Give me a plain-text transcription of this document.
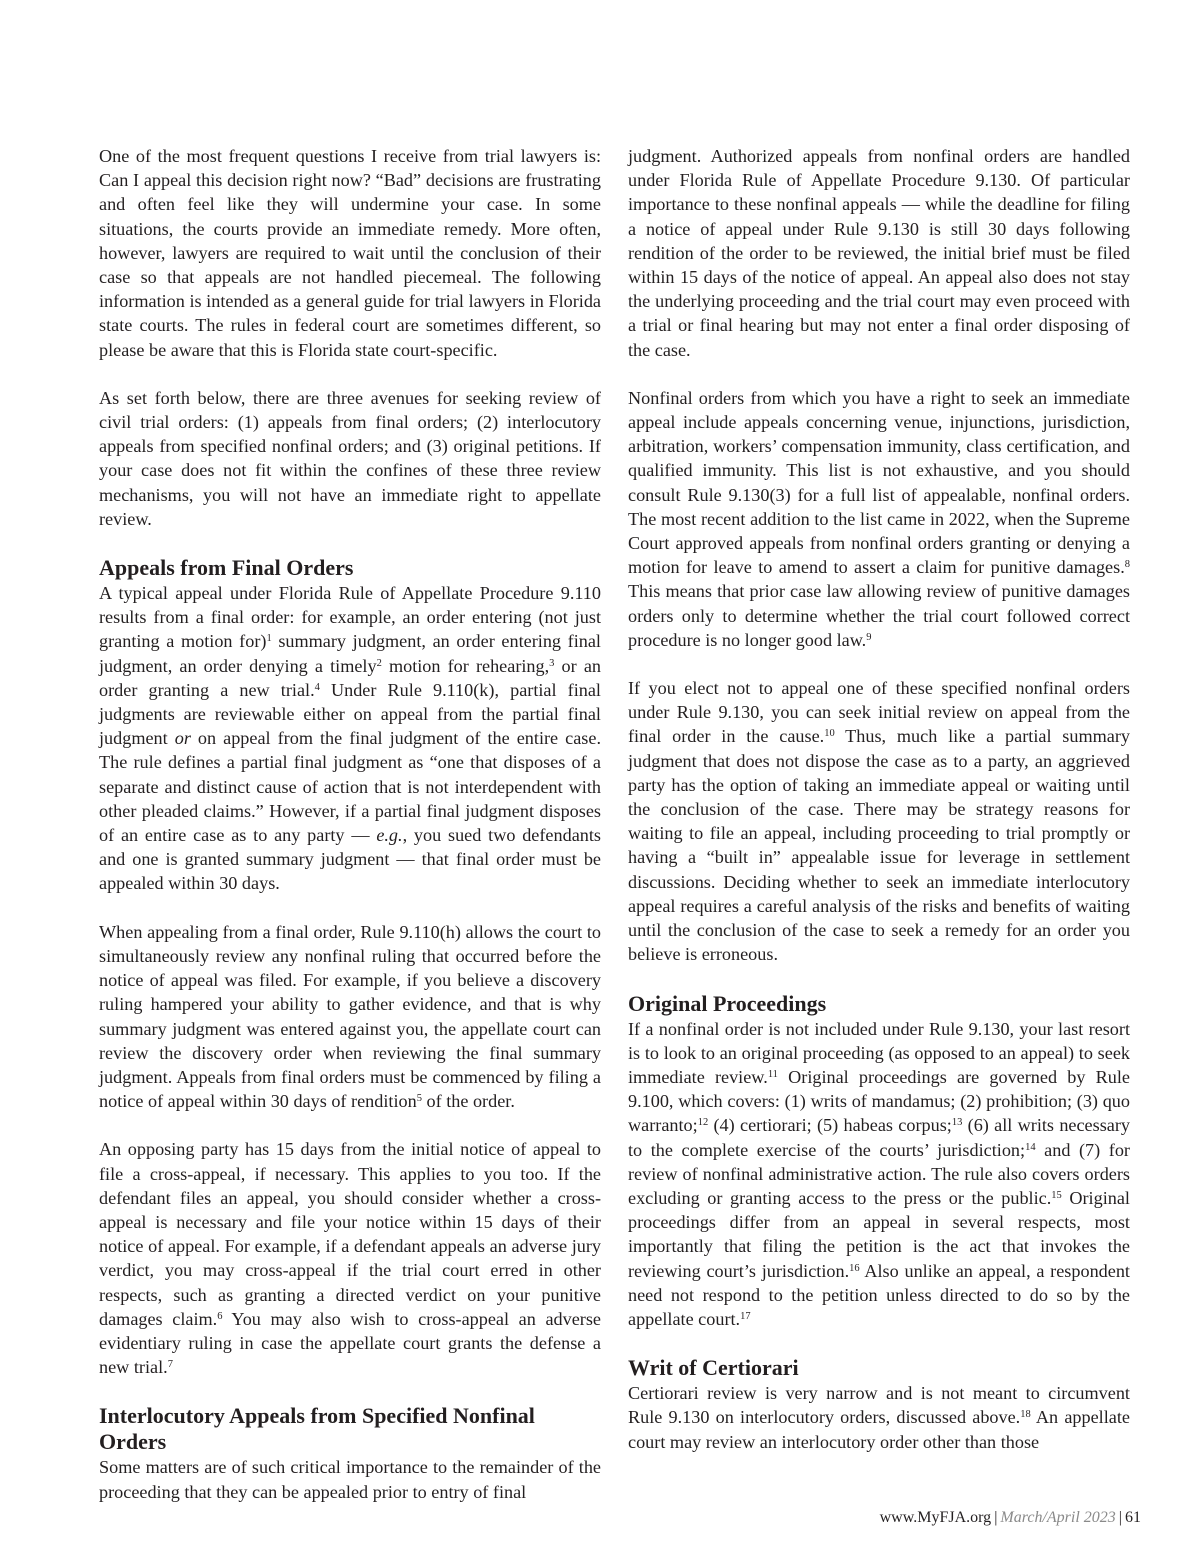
One of the most frequent questions I receive from trial lawyers is: Can I appeal this decision right now? “Bad” decisions are frustrating and often feel like they will undermine your case. In some situations, the courts provide an immediate remedy. More often, however, lawyers are required to wait until the conclusion of their case so that appeals are not handled piecemeal. The following information is intended as a general guide for trial lawyers in Florida state courts. The rules in federal court are sometimes different, so please be aware that this is Florida state court-specific.

As set forth below, there are three avenues for seeking review of civil trial orders: (1) appeals from final orders; (2) interlocutory appeals from specified nonfinal orders; and (3) original petitions. If your case does not fit within the confines of these three review mechanisms, you will not have an immediate right to appellate review.

Appeals from Final Orders

A typical appeal under Florida Rule of Appellate Procedure 9.110 results from a final order: for example, an order entering (not just granting a motion for)$^1$ summary judgment, an order entering final judgment, an order denying a timely$^2$ motion for rehearing,$^3$ or an order granting a new trial.$^4$ Under Rule 9.110(k), partial final judgments are reviewable either on appeal from the partial final judgment or on appeal from the final judgment of the entire case. The rule defines a partial final judgment as “one that disposes of a separate and distinct cause of action that is not interdependent with other pleaded claims.” However, if a partial final judgment disposes of an entire case as to any party — e.g., you sued two defendants and one is granted summary judgment — that final order must be appealed within 30 days.

When appealing from a final order, Rule 9.110(h) allows the court to simultaneously review any nonfinal ruling that occurred before the notice of appeal was filed. For example, if you believe a discovery ruling hampered your ability to gather evidence, and that is why summary judgment was entered against you, the appellate court can review the discovery order when reviewing the final summary judgment. Appeals from final orders must be commenced by filing a notice of appeal within 30 days of rendition$^5$ of the order.

An opposing party has 15 days from the initial notice of appeal to file a cross-appeal, if necessary. This applies to you too. If the defendant files an appeal, you should consider whether a cross-appeal is necessary and file your notice within 15 days of their notice of appeal. For example, if a defendant appeals an adverse jury verdict, you may cross-appeal if the trial court erred in other respects, such as granting a directed verdict on your punitive damages claim.$^6$ You may also wish to cross-appeal an adverse evidentiary ruling in case the appellate court grants the defense a new trial.$^7$

Interlocutory Appeals from Specified Nonfinal Orders

Some matters are of such critical importance to the remainder of the proceeding that they can be appealed prior to entry of final

judgment. Authorized appeals from nonfinal orders are handled under Florida Rule of Appellate Procedure 9.130. Of particular importance to these nonfinal appeals — while the deadline for filing a notice of appeal under Rule 9.130 is still 30 days following rendition of the order to be reviewed, the initial brief must be filed within 15 days of the notice of appeal. An appeal also does not stay the underlying proceeding and the trial court may even proceed with a trial or final hearing but may not enter a final order disposing of the case.

Nonfinal orders from which you have a right to seek an immediate appeal include appeals concerning venue, injunctions, jurisdiction, arbitration, workers’ compensation immunity, class certification, and qualified immunity. This list is not exhaustive, and you should consult Rule 9.130(3) for a full list of appealable, nonfinal orders. The most recent addition to the list came in 2022, when the Supreme Court approved appeals from nonfinal orders granting or denying a motion for leave to amend to assert a claim for punitive damages.$^8$ This means that prior case law allowing review of punitive damages orders only to determine whether the trial court followed correct procedure is no longer good law.$^9$

If you elect not to appeal one of these specified nonfinal orders under Rule 9.130, you can seek initial review on appeal from the final order in the cause.$^{10}$ Thus, much like a partial summary judgment that does not dispose the case as to a party, an aggrieved party has the option of taking an immediate appeal or waiting until the conclusion of the case. There may be strategy reasons for waiting to file an appeal, including proceeding to trial promptly or having a “built in” appealable issue for leverage in settlement discussions. Deciding whether to seek an immediate interlocutory appeal requires a careful analysis of the risks and benefits of waiting until the conclusion of the case to seek a remedy for an order you believe is erroneous.

Original Proceedings

If a nonfinal order is not included under Rule 9.130, your last resort is to look to an original proceeding (as opposed to an appeal) to seek immediate review.$^{11}$ Original proceedings are governed by Rule 9.100, which covers: (1) writs of mandamus; (2) prohibition; (3) quo warranto;$^{12}$ (4) certiorari; (5) habeas corpus;$^{13}$ (6) all writs necessary to the complete exercise of the courts’ jurisdiction;$^{14}$ and (7) for review of nonfinal administrative action. The rule also covers orders excluding or granting access to the press or the public.$^{15}$ Original proceedings differ from an appeal in several respects, most importantly that filing the petition is the act that invokes the reviewing court’s jurisdiction.$^{16}$ Also unlike an appeal, a respondent need not respond to the petition unless directed to do so by the appellate court.$^{17}$

Writ of Certiorari

Certiorari review is very narrow and is not meant to circumvent Rule 9.130 on interlocutory orders, discussed above.$^{18}$ An appellate court may review an interlocutory order other than those

www.MyFJA.org | March/April 2023 | 61
